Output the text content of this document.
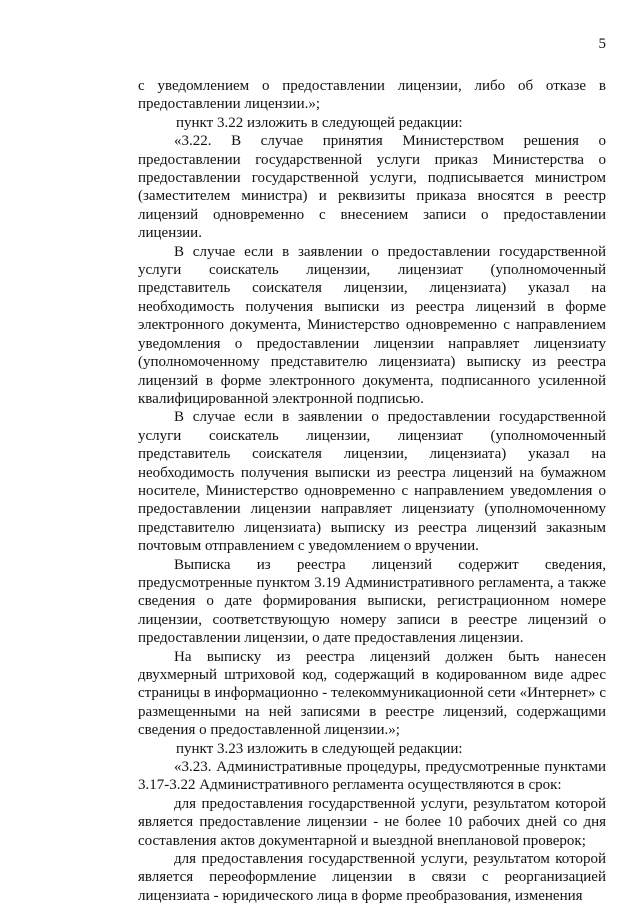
5

с уведомлением о предоставлении лицензии, либо об отказе в предоставлении лицензии.»;

пункт 3.22 изложить в следующей редакции:

«3.22. В случае принятия Министерством решения о предоставлении государственной услуги приказ Министерства о предоставлении государственной услуги, подписывается министром (заместителем министра) и реквизиты приказа вносятся в реестр лицензий одновременно с внесением записи о предоставлении лицензии.

В случае если в заявлении о предоставлении государственной услуги соискатель лицензии, лицензиат (уполномоченный представитель соискателя лицензии, лицензиата) указал на необходимость получения выписки из реестра лицензий в форме электронного документа, Министерство одновременно с направлением уведомления о предоставлении лицензии направляет лицензиату (уполномоченному представителю лицензиата) выписку из реестра лицензий в форме электронного документа, подписанного усиленной квалифицированной электронной подписью.

В случае если в заявлении о предоставлении государственной услуги соискатель лицензии, лицензиат (уполномоченный представитель соискателя лицензии, лицензиата) указал на необходимость получения выписки из реестра лицензий на бумажном носителе, Министерство одновременно с направлением уведомления о предоставлении лицензии направляет лицензиату (уполномоченному представителю лицензиата) выписку из реестра лицензий заказным почтовым отправлением с уведомлением о вручении.

Выписка из реестра лицензий содержит сведения, предусмотренные пунктом 3.19 Административного регламента, а также сведения о дате формирования выписки, регистрационном номере лицензии, соответствующую номеру записи в реестре лицензий о предоставлении лицензии, о дате предоставления лицензии.

На выписку из реестра лицензий должен быть нанесен двухмерный штриховой код, содержащий в кодированном виде адрес страницы в информационно - телекоммуникационной сети «Интернет» с размещенными на ней записями в реестре лицензий, содержащими сведения о предоставленной лицензии.»;

пункт 3.23 изложить в следующей редакции:

«3.23. Административные процедуры, предусмотренные пунктами 3.17-3.22 Административного регламента осуществляются в срок:

для предоставления государственной услуги, результатом которой является предоставление лицензии - не более 10 рабочих дней со дня составления актов документарной и выездной внеплановой проверок;

для предоставления государственной услуги, результатом которой является переоформление лицензии в связи с реорганизацией лицензиата - юридического лица в форме преобразования, изменения
